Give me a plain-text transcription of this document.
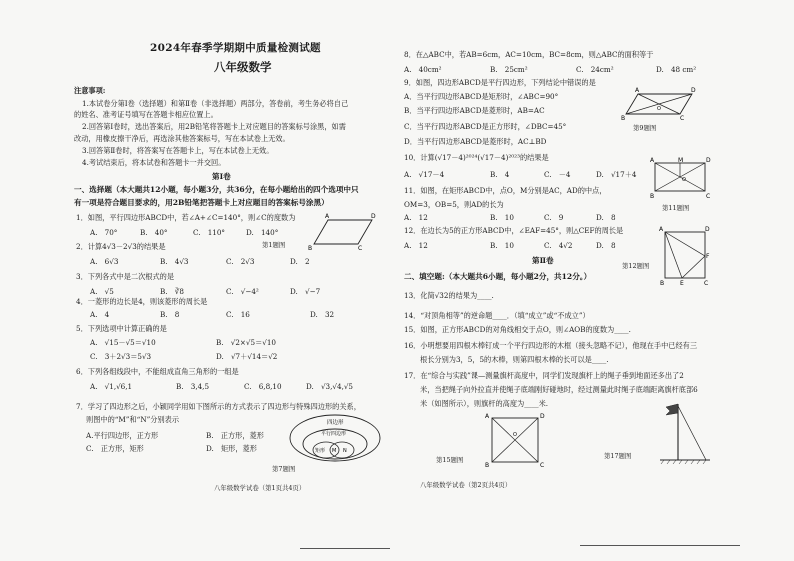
2024年春季学期期中质量检测试题
八年级数学
注意事项:
1.本试卷分第Ⅰ卷（选择题）和第Ⅱ卷（非选择题）两部分，答卷前，考生务必将自己
的姓名、准考证号填写在答题卡相应位置上。
2.回答第Ⅰ卷时，选出答案后，用2B铅笔将答题卡上对应题目的答案标号涂黑，如需
改动，用橡皮擦干净后，再选涂其他答案标号，写在本试卷上无效。
3.回答第Ⅱ卷时，将答案写在答题卡上，写在本试卷上无效。
4.考试结束后，将本试卷和答题卡一并交回。
第Ⅰ卷
一、选择题（本大题共12小题，每小题3分，共36分，在每小题给出的四个选项中只
有一项是符合题目要求的，用2B铅笔把答题卡上对应题目的答案标号涂黑）
1．如图，平行四边形ABCD中，若∠A+∠C=140°，则∠C的度数为
A.　70°	B.　40°	C.　110°	D.　140°
A	D
B	C
第1题图
2．计算4√3－2√3的结果是
A.　6√3	B.　4√3	C.　2√3	D.　2
3．下列各式中是二次根式的是
A.　√5	B.　∛8	C.　√−4²	D.　√−7
4．一菱形的边长是4，则该菱形的周长是
A.　4	B.　8	C.　16	D.　32
5．下列选项中计算正确的是
A.　√15－√5＝√10	B.　√2×√5＝√10
C.　3＋2√3＝5√3	D.　√7＋√14＝√2
6．下列各组线段中，不能组成直角三角形的一组是
A.　√1,√6,1	B.　3,4,5	C.　6,8,10	D.　√3,√4,√5
7．学习了四边形之后，小颖同学用如下图所示的方式表示了四边形与特殊四边形的关系，
则图中的“M”和“N”分别表示
A.平行四边形，正方形	B.　正方形，菱形
C.　正方形，矩形	D.　矩形，菱形
四边形
平行四边形
矩形 M N
第7题图
八年级数学试卷（第1页共4页）
8．在△ABC中，若AB=6cm，AC=10cm，BC=8cm，则△ABC的面积等于
A.　40cm²	B.　25cm²	C.　24cm²	D.　48 cm²
9．如图，四边形ABCD是平行四边形，下列结论中错误的是
A．当平行四边形ABCD是矩形时，∠ABC=90°
B．当平行四边形ABCD是菱形时，AB=AC
C．当平行四边形ABCD是正方形时，∠DBC=45°
D．当平行四边形ABCD是菱形时，AC⊥BD
A	D
B	C
O
第9题图
10．计算(√17－4)²⁰²⁴(√17－4)²⁰²³的结果是
A.　√17－4	B.　4	C.　－4	D.　√17＋4
11．如图，在矩形ABCD中，点O，M分别是AC，AD的中点，
OM=3，OB=5，则AD的长为
A.　12	B.　10	C.　9	D.　8
A	M	D
B	C
O
第11题图
12．在边长为5的正方形ABCD中，∠EAF=45°，则△CEF的周长是
A.　12	B.　10	C.　4√2	D.　8
A	D
F
B	E	C
第12题图
第Ⅱ卷
二、填空题:（本大题共6小题，每小题2分，共12分。）
13．化简√32的结果为____.
14．“对顶角相等”的逆命题____．（填“成立”或“不成立”）
15．如图，正方形ABCD的对角线相交于点O，则∠AOB的度数为____.
16．小明想要用四根木棒钉成一个平行四边形的木框（接头忽略不记），他现在手中已经有三
根长分别为3，5，5的木棒，则第四根木棒的长可以是____.
17．在“综合与实践”课—测量旗杆高度中，同学们发现旗杆上的绳子垂到地面还多出了2
米，当把绳子向外拉直并使绳子底端刚好碰地时，经过测量此时绳子底端距离旗杆底部6
米（如图所示），则旗杆的高度为____米.
A	D
O
B	C
第15题图	第17题图
八年级数学试卷（第2页共4页）
